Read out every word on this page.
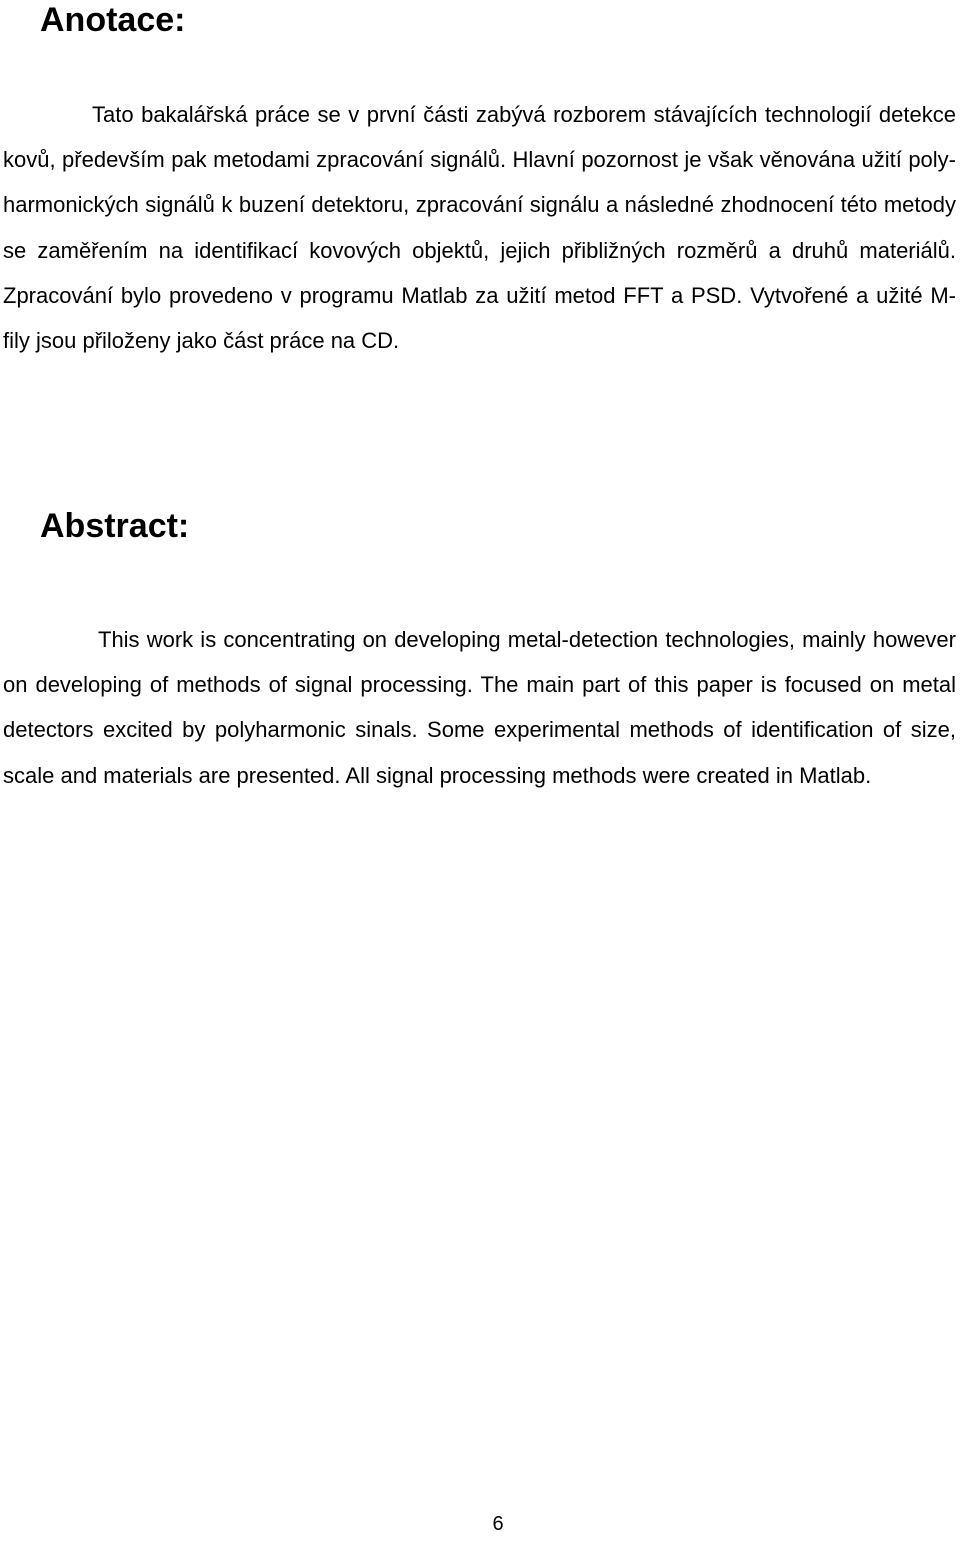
Anotace:

Tato bakalářská práce se v první části zabývá rozborem stávajících technologií detekce kovů, především pak metodami zpracování signálů. Hlavní pozornost je však věnována užití poly-harmonických signálů k buzení detektoru, zpracování signálu a následné zhodnocení této metody se zaměřením na identifikací kovových objektů, jejich přibližných rozměrů a druhů materiálů. Zpracování bylo provedeno v programu Matlab za užití metod FFT a PSD. Vytvořené a užité M-fily jsou přiloženy jako část práce na CD.

Abstract:

This work is concentrating on developing metal-detection technologies, mainly however on developing of methods of signal processing. The main part of this paper is focused on metal detectors excited by polyharmonic sinals. Some experimental methods of identification of size, scale and materials are presented. All signal processing methods were created in Matlab.

6
